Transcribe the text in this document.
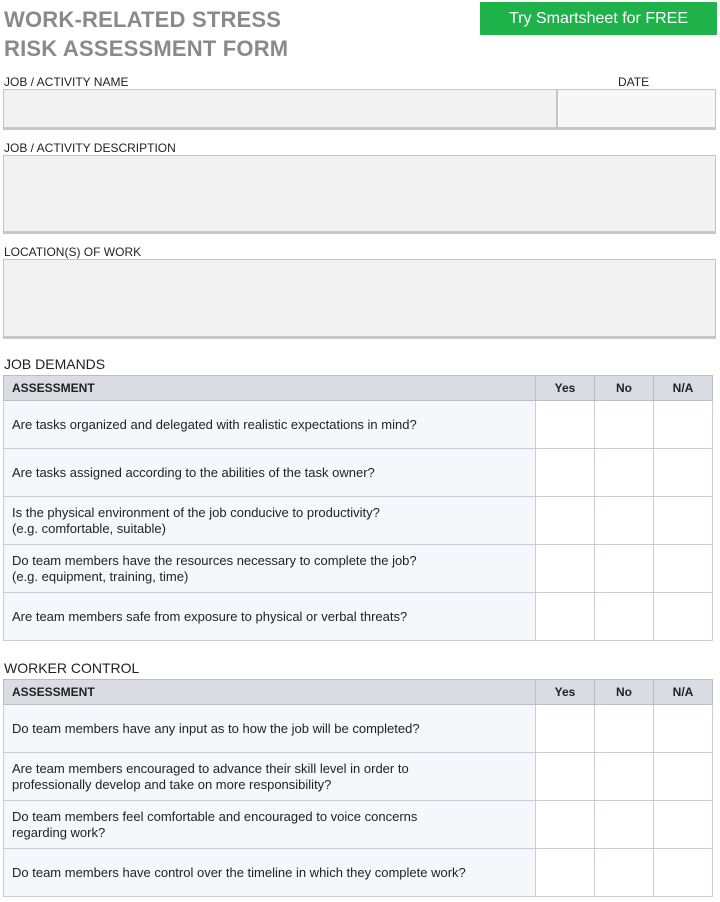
WORK-RELATED STRESS
RISK ASSESSMENT FORM
Try Smartsheet for FREE
JOB / ACTIVITY NAME	DATE
JOB / ACTIVITY DESCRIPTION
LOCATION(S) OF WORK
JOB DEMANDS
ASSESSMENT	Yes	No	N/A

Are tasks organized and delegated with realistic expectations in mind?			

Are tasks assigned according to the abilities of the task owner?			

Is the physical environment of the job conducive to productivity?
(e.g. comfortable, suitable)			

Do team members have the resources necessary to complete the job?
(e.g. equipment, training, time)			

Are team members safe from exposure to physical or verbal threats?			

WORKER CONTROL
ASSESSMENT	Yes	No	N/A

Do team members have any input as to how the job will be completed?			

Are team members encouraged to advance their skill level in order to
professionally develop and take on more responsibility?			

Do team members feel comfortable and encouraged to voice concerns
regarding work?			

Do team members have control over the timeline in which they complete work?			
